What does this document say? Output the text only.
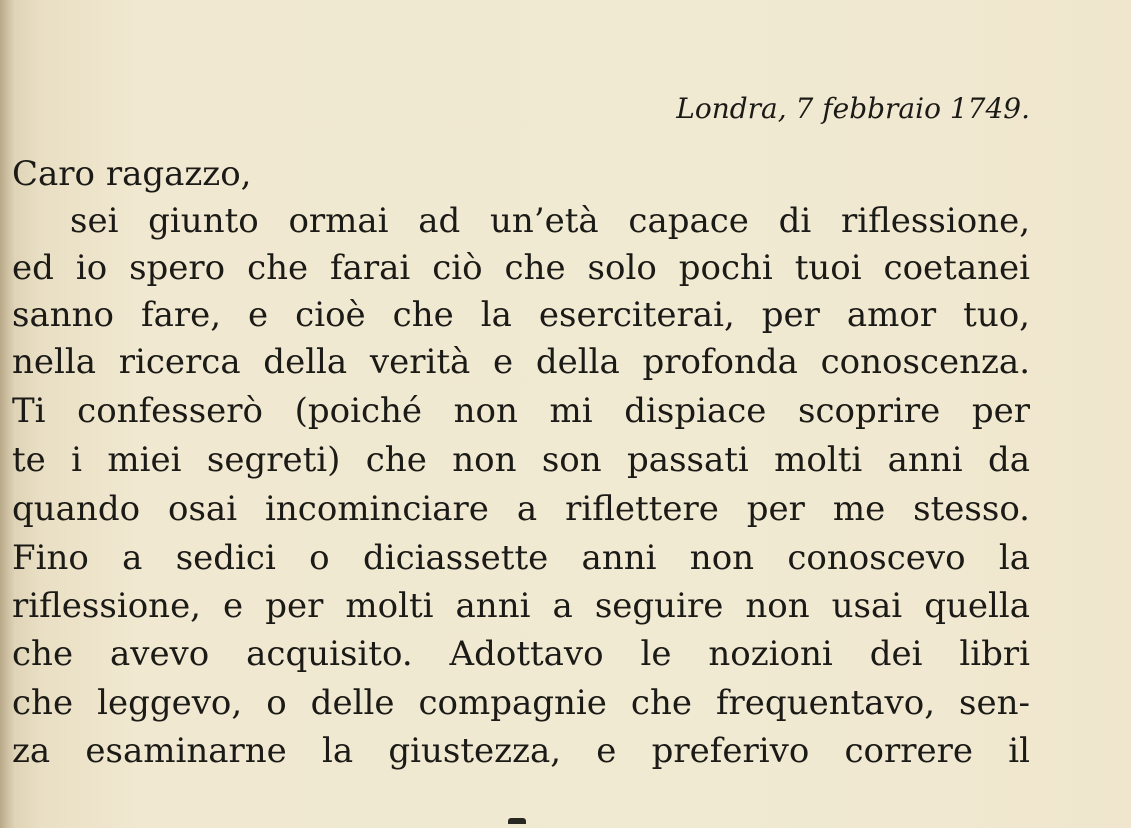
Londra, 7 febbraio 1749.
Caro ragazzo,
sei giunto ormai ad un’età capace di riflessione,
ed io spero che farai ciò che solo pochi tuoi coetanei
sanno fare, e cioè che la eserciterai, per amor tuo,
nella ricerca della verità e della profonda conoscenza.
Ti confesserò (poiché non mi dispiace scoprire per
te i miei segreti) che non son passati molti anni da
quando osai incominciare a riflettere per me stesso.
Fino a sedici o diciassette anni non conoscevo la
riflessione, e per molti anni a seguire non usai quella
che avevo acquisito. Adottavo le nozioni dei libri
che leggevo, o delle compagnie che frequentavo, sen-
za esaminarne la giustezza, e preferivo correre il
